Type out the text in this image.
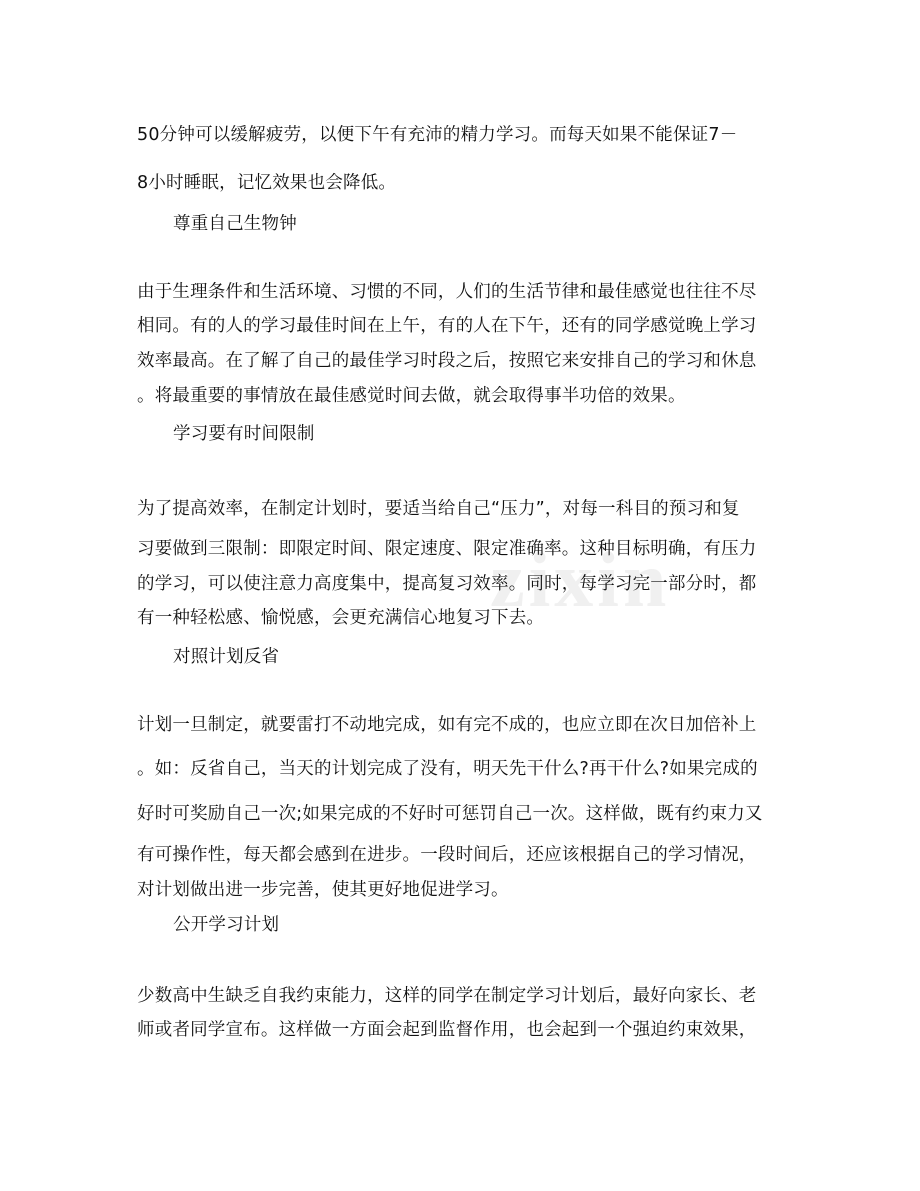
zixin
50分钟可以缓解疲劳，以便下午有充沛的精力学习。而每天如果不能保证7－
8小时睡眠，记忆效果也会降低。
尊重自己生物钟
由于生理条件和生活环境、习惯的不同，人们的生活节律和最佳感觉也往往不尽
相同。有的人的学习最佳时间在上午，有的人在下午，还有的同学感觉晚上学习
效率最高。在了解了自己的最佳学习时段之后，按照它来安排自己的学习和休息
。将最重要的事情放在最佳感觉时间去做，就会取得事半功倍的效果。
学习要有时间限制
为了提高效率，在制定计划时，要适当给自己“压力”，对每一科目的预习和复
习要做到三限制：即限定时间、限定速度、限定准确率。这种目标明确，有压力
的学习，可以使注意力高度集中，提高复习效率。同时，每学习完一部分时，都
有一种轻松感、愉悦感，会更充满信心地复习下去。
对照计划反省
计划一旦制定，就要雷打不动地完成，如有完不成的，也应立即在次日加倍补上
。如：反省自己，当天的计划完成了没有，明天先干什么?再干什么?如果完成的
好时可奖励自己一次;如果完成的不好时可惩罚自己一次。这样做，既有约束力又
有可操作性，每天都会感到在进步。一段时间后，还应该根据自己的学习情况，
对计划做出进一步完善，使其更好地促进学习。
公开学习计划
少数高中生缺乏自我约束能力，这样的同学在制定学习计划后，最好向家长、老
师或者同学宣布。这样做一方面会起到监督作用，也会起到一个强迫约束效果，
